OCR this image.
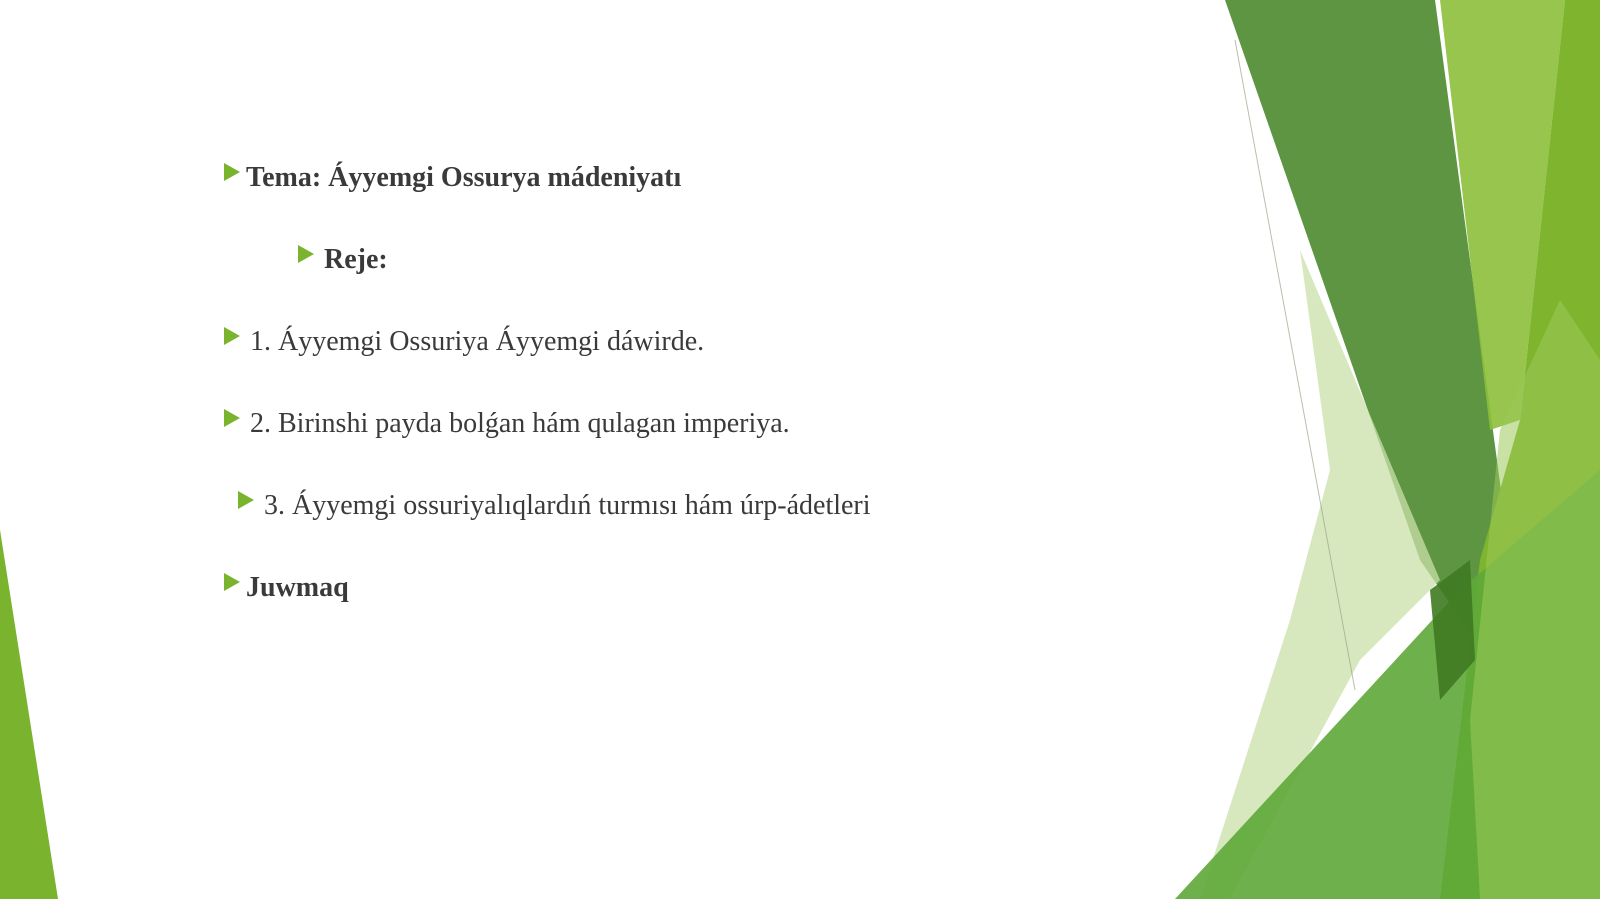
Tema: Áyyemgi Ossurya mádeniyatı
Reje:
1. Áyyemgi Ossuriya Áyyemgi dáwirde.
2. Birinshi payda bolǵan hám qulagan imperiya.
3. Áyyemgi ossuriyalıqlardıń turmısı hám úrp-ádetleri
Juwmaq
